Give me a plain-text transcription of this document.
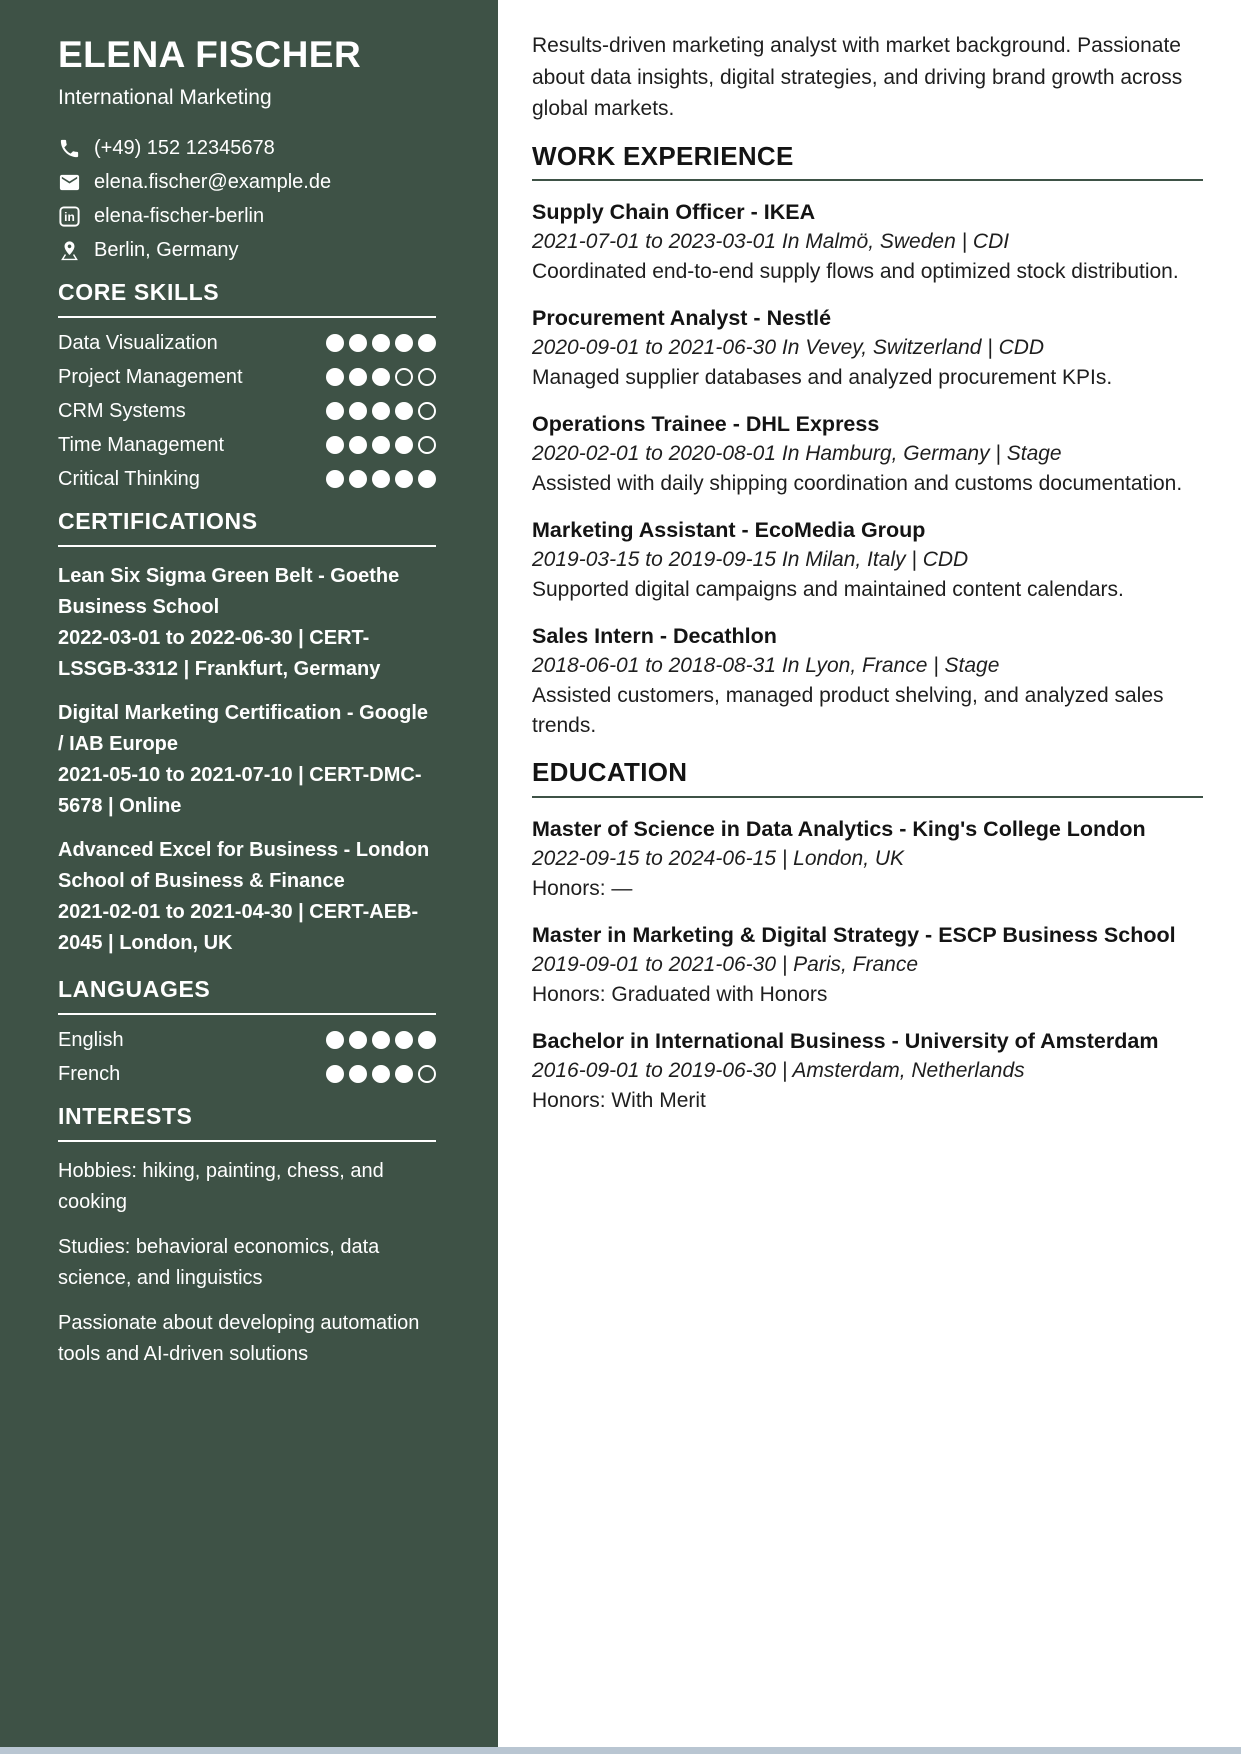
ELENA FISCHER
International Marketing
(+49) 152 12345678
elena.fischer@example.de
in elena-fischer-berlin
Berlin, Germany
CORE SKILLS
Data Visualization
Project Management
CRM Systems
Time Management
Critical Thinking
CERTIFICATIONS
Lean Six Sigma Green Belt - Goethe Business School
2022-03-01 to 2022-06-30 | CERT-LSSGB-3312 | Frankfurt, Germany
Digital Marketing Certification - Google / IAB Europe
2021-05-10 to 2021-07-10 | CERT-DMC-5678 | Online
Advanced Excel for Business - London School of Business & Finance
2021-02-01 to 2021-04-30 | CERT-AEB-2045 | London, UK
LANGUAGES
English
French
INTERESTS

Hobbies: hiking, painting, chess, and cooking

Studies: behavioral economics, data science, and linguistics

Passionate about developing automation tools and AI-driven solutions

Results-driven marketing analyst with market background. Passionate about data insights, digital strategies, and driving brand growth across global markets.

WORK EXPERIENCE
Supply Chain Officer - IKEA
2021-07-01 to 2023-03-01 In Malmö, Sweden | CDI
Coordinated end-to-end supply flows and optimized stock distribution.
Procurement Analyst - Nestlé
2020-09-01 to 2021-06-30 In Vevey, Switzerland | CDD
Managed supplier databases and analyzed procurement KPIs.
Operations Trainee - DHL Express
2020-02-01 to 2020-08-01 In Hamburg, Germany | Stage
Assisted with daily shipping coordination and customs documentation.
Marketing Assistant - EcoMedia Group
2019-03-15 to 2019-09-15 In Milan, Italy | CDD
Supported digital campaigns and maintained content calendars.
Sales Intern - Decathlon
2018-06-01 to 2018-08-31 In Lyon, France | Stage
Assisted customers, managed product shelving, and analyzed sales trends.
EDUCATION
Master of Science in Data Analytics - King's College London
2022-09-15 to 2024-06-15 | London, UK
Honors: —
Master in Marketing & Digital Strategy - ESCP Business School
2019-09-01 to 2021-06-30 | Paris, France
Honors: Graduated with Honors
Bachelor in International Business - University of Amsterdam
2016-09-01 to 2019-06-30 | Amsterdam, Netherlands
Honors: With Merit
